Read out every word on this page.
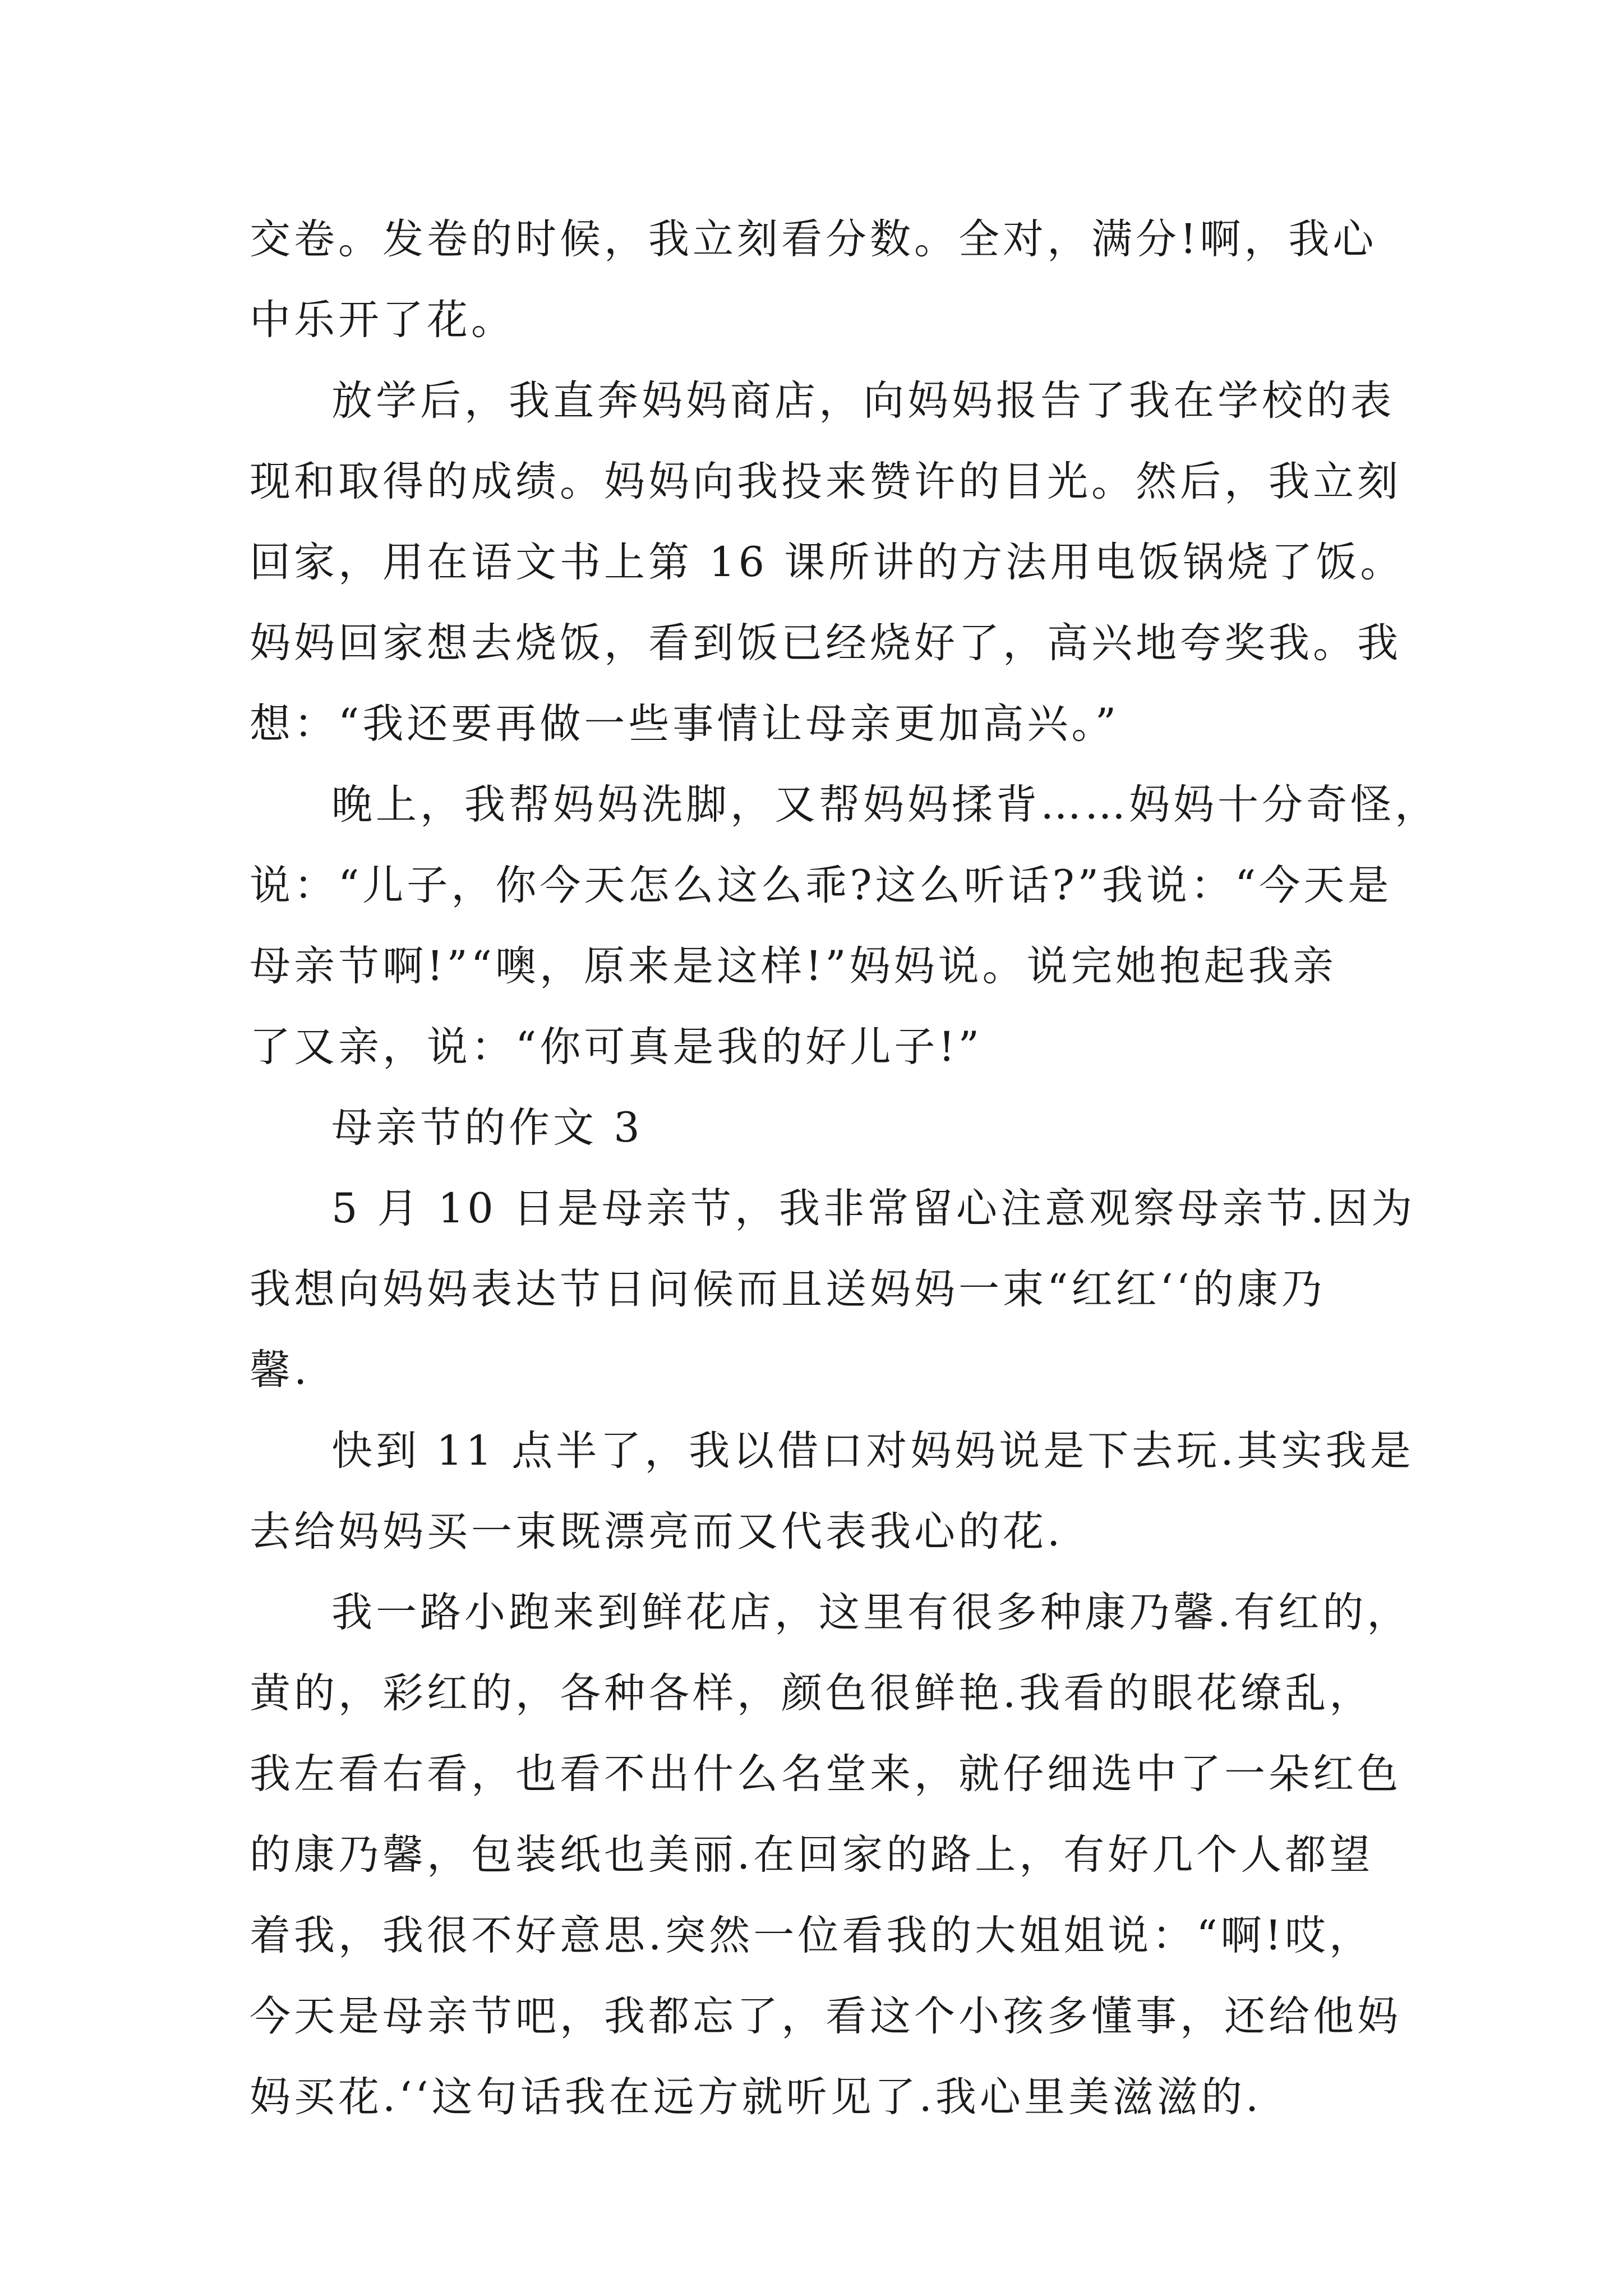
交卷。发卷的时候，我立刻看分数。全对，满分!啊，我心
中乐开了花。
放学后，我直奔妈妈商店，向妈妈报告了我在学校的表
现和取得的成绩。妈妈向我投来赞许的目光。然后，我立刻
回家，用在语文书上第 16 课所讲的方法用电饭锅烧了饭。
妈妈回家想去烧饭，看到饭已经烧好了，高兴地夸奖我。我
想：“我还要再做一些事情让母亲更加高兴。”
晚上，我帮妈妈洗脚，又帮妈妈揉背……妈妈十分奇怪，
说：“儿子，你今天怎么这么乖?这么听话?”我说：“今天是
母亲节啊!”“噢，原来是这样!”妈妈说。说完她抱起我亲
了又亲，说：“你可真是我的好儿子!”
母亲节的作文 3
5 月 10 日是母亲节，我非常留心注意观察母亲节.因为
我想向妈妈表达节日问候而且送妈妈一束“红红‘‘的康乃
馨.
快到 11 点半了，我以借口对妈妈说是下去玩.其实我是
去给妈妈买一束既漂亮而又代表我心的花.
我一路小跑来到鲜花店，这里有很多种康乃馨.有红的，
黄的，彩红的，各种各样，颜色很鲜艳.我看的眼花缭乱，
我左看右看，也看不出什么名堂来，就仔细选中了一朵红色
的康乃馨，包装纸也美丽.在回家的路上，有好几个人都望
着我，我很不好意思.突然一位看我的大姐姐说：“啊!哎，
今天是母亲节吧，我都忘了，看这个小孩多懂事，还给他妈
妈买花.‘‘这句话我在远方就听见了.我心里美滋滋的.
